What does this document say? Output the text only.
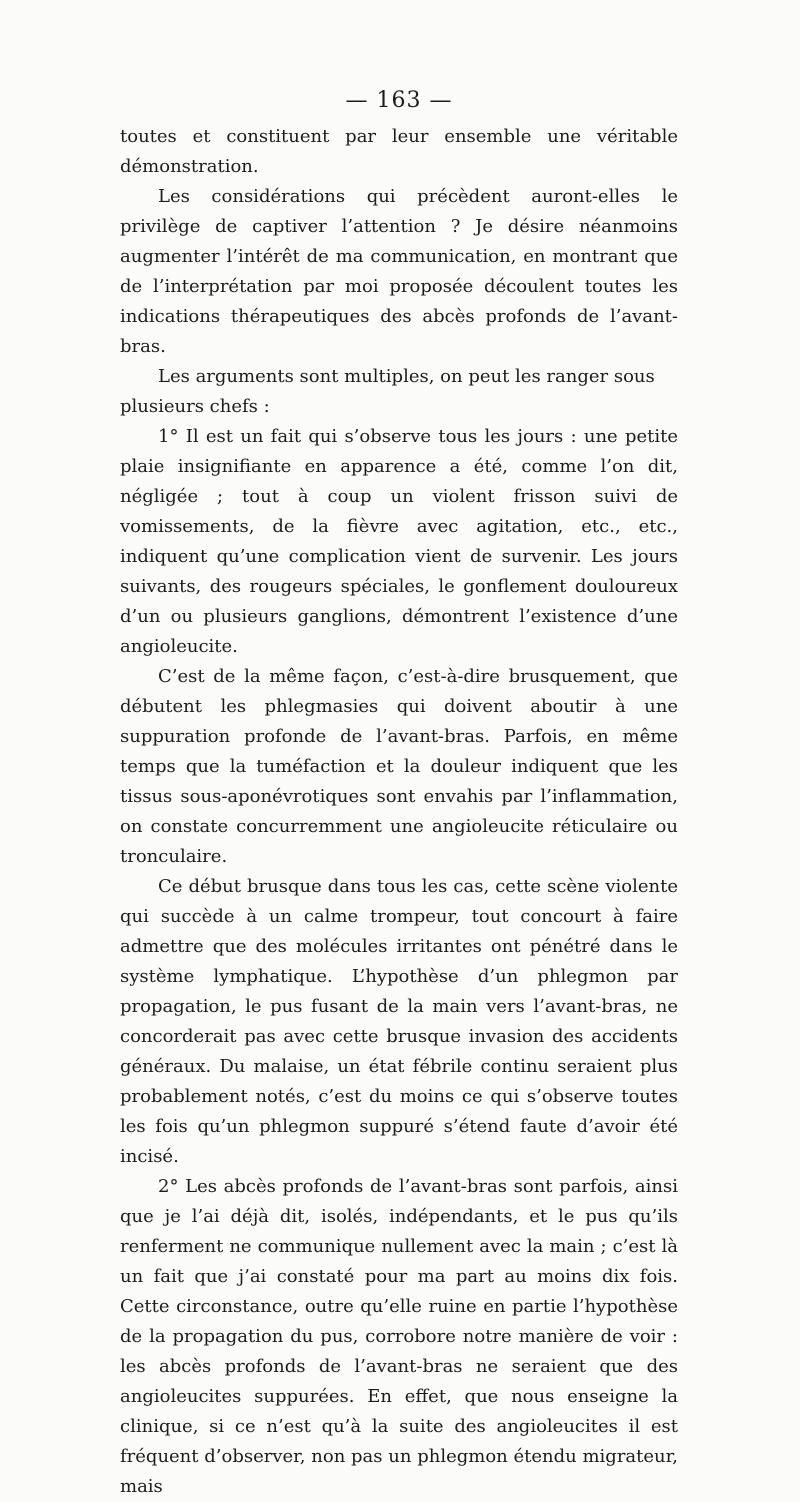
— 163 —

toutes et constituent par leur ensemble une véritable démonstration.

Les considérations qui précèdent auront-elles le privilège de captiver l’attention ? Je désire néanmoins augmenter l’intérêt de ma communication, en montrant que de l’interprétation par moi proposée découlent toutes les indications thérapeutiques des abcès profonds de l’avant-bras.

Les arguments sont multiples, on peut les ranger sous plusieurs chefs :

1° Il est un fait qui s’observe tous les jours : une petite plaie insignifiante en apparence a été, comme l’on dit, négligée ; tout à coup un violent frisson suivi de vomissements, de la fièvre avec agitation, etc., etc., indiquent qu’une complication vient de survenir. Les jours suivants, des rougeurs spéciales, le gonflement douloureux d’un ou plusieurs ganglions, démontrent l’existence d’une angioleucite.

C’est de la même façon, c’est-à-dire brusquement, que débutent les phlegmasies qui doivent aboutir à une suppuration profonde de l’avant-bras. Parfois, en même temps que la tuméfaction et la douleur indiquent que les tissus sous-aponévrotiques sont envahis par l’inflammation, on constate concurremment une angioleucite réticulaire ou tronculaire.

Ce début brusque dans tous les cas, cette scène violente qui succède à un calme trompeur, tout concourt à faire admettre que des molécules irritantes ont pénétré dans le système lymphatique. L’hypothèse d’un phlegmon par propagation, le pus fusant de la main vers l’avant-bras, ne concorderait pas avec cette brusque invasion des accidents généraux. Du malaise, un état fébrile continu seraient plus probablement notés, c’est du moins ce qui s’observe toutes les fois qu’un phlegmon suppuré s’étend faute d’avoir été incisé.

2° Les abcès profonds de l’avant-bras sont parfois, ainsi que je l’ai déjà dit, isolés, indépendants, et le pus qu’ils renferment ne communique nullement avec la main ; c’est là un fait que j’ai constaté pour ma part au moins dix fois. Cette circonstance, outre qu’elle ruine en partie l’hypothèse de la propagation du pus, corrobore notre manière de voir : les abcès profonds de l’avant-bras ne seraient que des angioleucites suppurées. En effet, que nous enseigne la clinique, si ce n’est qu’à la suite des angioleucites il est fréquent d’observer, non pas un phlegmon étendu migrateur, mais
